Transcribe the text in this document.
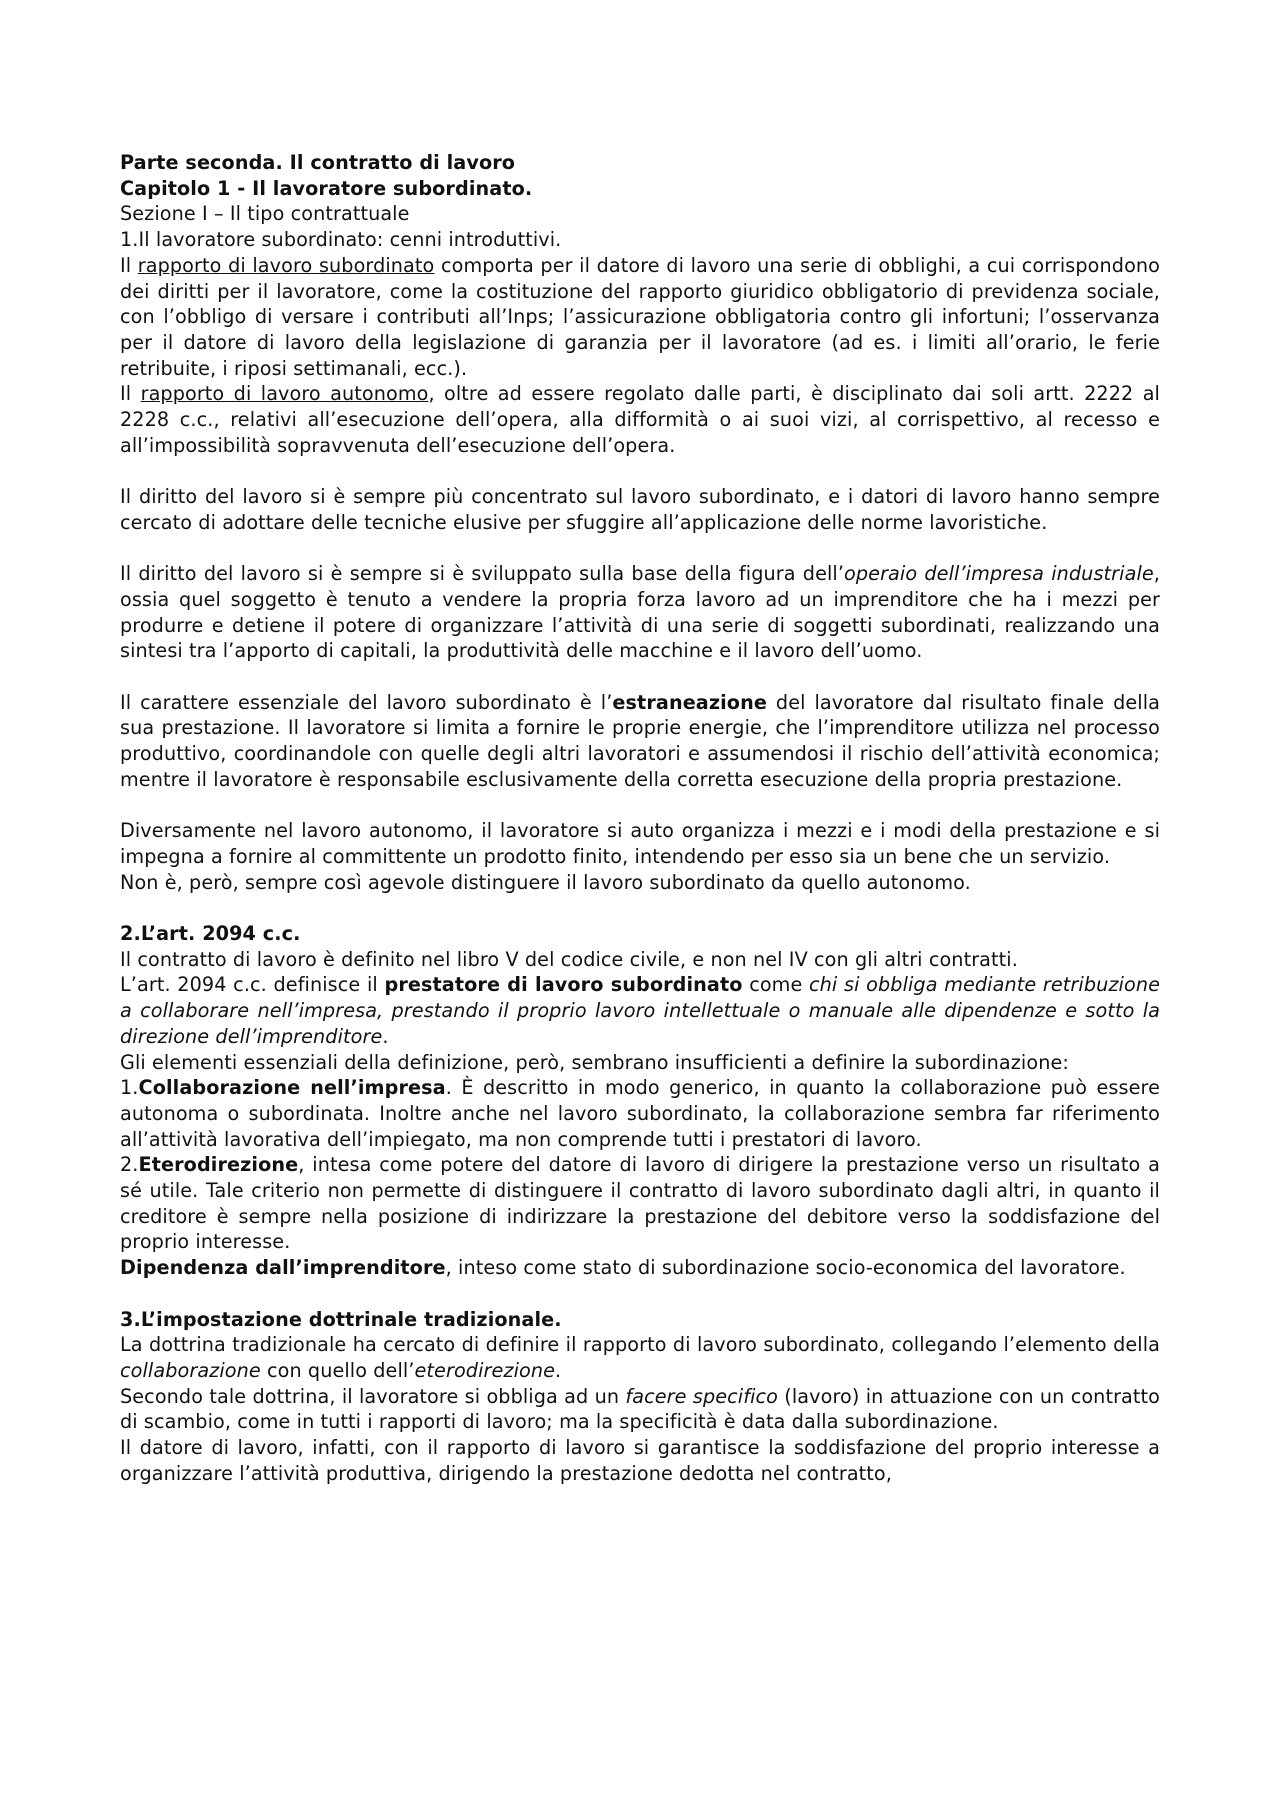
Parte seconda. Il contratto di lavoro

Capitolo 1 - Il lavoratore subordinato.

Sezione I – Il tipo contrattuale

1.Il lavoratore subordinato: cenni introduttivi.

Il rapporto di lavoro subordinato comporta per il datore di lavoro una serie di obblighi, a cui corrispondono dei diritti per il lavoratore, come la costituzione del rapporto giuridico obbligatorio di previdenza sociale, con l’obbligo di versare i contributi all’Inps; l’assicurazione obbligatoria contro gli infortuni; l’osservanza per il datore di lavoro della legislazione di garanzia per il lavoratore (ad es. i limiti all’orario, le ferie retribuite, i riposi settimanali, ecc.).

Il rapporto di lavoro autonomo, oltre ad essere regolato dalle parti, è disciplinato dai soli artt. 2222 al 2228 c.c., relativi all’esecuzione dell’opera, alla difformità o ai suoi vizi, al corrispettivo, al recesso e all’impossibilità sopravvenuta dell’esecuzione dell’opera.

Il diritto del lavoro si è sempre più concentrato sul lavoro subordinato, e i datori di lavoro hanno sempre cercato di adottare delle tecniche elusive per sfuggire all’applicazione delle norme lavoristiche.

Il diritto del lavoro si è sempre si è sviluppato sulla base della figura dell’operaio dell’impresa industriale, ossia quel soggetto è tenuto a vendere la propria forza lavoro ad un imprenditore che ha i mezzi per produrre e detiene il potere di organizzare l’attività di una serie di soggetti subordinati, realizzando una sintesi tra l’apporto di capitali, la produttività delle macchine e il lavoro dell’uomo.

Il carattere essenziale del lavoro subordinato è l’estraneazione del lavoratore dal risultato finale della sua prestazione. Il lavoratore si limita a fornire le proprie energie, che l’imprenditore utilizza nel processo produttivo, coordinandole con quelle degli altri lavoratori e assumendosi il rischio dell’attività economica; mentre il lavoratore è responsabile esclusivamente della corretta esecuzione della propria prestazione.

Diversamente nel lavoro autonomo, il lavoratore si auto organizza i mezzi e i modi della prestazione e si impegna a fornire al committente un prodotto finito, intendendo per esso sia un bene che un servizio.

Non è, però, sempre così agevole distinguere il lavoro subordinato da quello autonomo.

2.L’art. 2094 c.c.

Il contratto di lavoro è definito nel libro V del codice civile, e non nel IV con gli altri contratti.

L’art. 2094 c.c. definisce il prestatore di lavoro subordinato come chi si obbliga mediante retribuzione a collaborare nell’impresa, prestando il proprio lavoro intellettuale o manuale alle dipendenze e sotto la direzione dell’imprenditore.

Gli elementi essenziali della definizione, però, sembrano insufficienti a definire la subordinazione:

1.Collaborazione nell’impresa. È descritto in modo generico, in quanto la collaborazione può essere autonoma o subordinata. Inoltre anche nel lavoro subordinato, la collaborazione sembra far riferimento all’attività lavorativa dell’impiegato, ma non comprende tutti i prestatori di lavoro.

2.Eterodirezione, intesa come potere del datore di lavoro di dirigere la prestazione verso un risultato a sé utile. Tale criterio non permette di distinguere il contratto di lavoro subordinato dagli altri, in quanto il creditore è sempre nella posizione di indirizzare la prestazione del debitore verso la soddisfazione del proprio interesse.

Dipendenza dall’imprenditore, inteso come stato di subordinazione socio-economica del lavoratore.

3.L’impostazione dottrinale tradizionale.

La dottrina tradizionale ha cercato di definire il rapporto di lavoro subordinato, collegando l’elemento della collaborazione con quello dell’eterodirezione.

Secondo tale dottrina, il lavoratore si obbliga ad un facere specifico (lavoro) in attuazione con un contratto di scambio, come in tutti i rapporti di lavoro; ma la specificità è data dalla subordinazione.

Il datore di lavoro, infatti, con il rapporto di lavoro si garantisce la soddisfazione del proprio interesse a organizzare l’attività produttiva, dirigendo la prestazione dedotta nel contratto,
